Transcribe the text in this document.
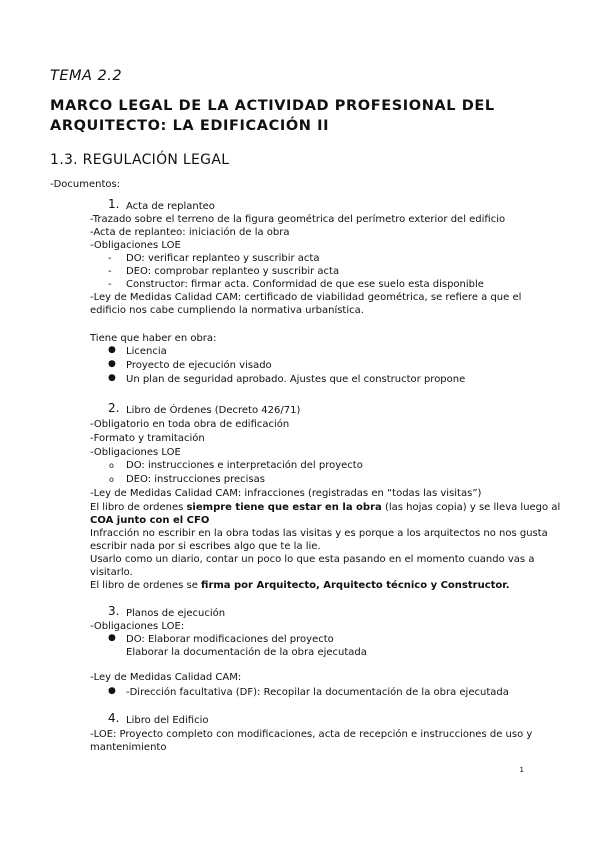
TEMA 2.2
MARCO LEGAL DE LA ACTIVIDAD PROFESIONAL DEL
ARQUITECTO: LA EDIFICACIÓN II
1.3. REGULACIÓN LEGAL
-Documentos:
1. Acta de replanteo
-Trazado sobre el terreno de la figura geométrica del perímetro exterior del edificio
-Acta de replanteo: iniciación de la obra
-Obligaciones LOE
- DO: verificar replanteo y suscribir acta
- DEO: comprobar replanteo y suscribir acta
- Constructor: firmar acta. Conformidad de que ese suelo esta disponible
-Ley de Medidas Calidad CAM: certificado de viabilidad geométrica, se refiere a que el
edificio nos cabe cumpliendo la normativa urbanística.
Tiene que haber en obra:
● Licencia
● Proyecto de ejecución visado
● Un plan de seguridad aprobado. Ajustes que el constructor propone
2. Libro de Órdenes (Decreto 426/71)
-Obligatorio en toda obra de edificación
-Formato y tramitación
-Obligaciones LOE
o DO: instrucciones e interpretación del proyecto
o DEO: instrucciones precisas
-Ley de Medidas Calidad CAM: infracciones (registradas en “todas las visitas”)
El libro de ordenes siempre tiene que estar en la obra (las hojas copia) y se lleva luego al
COA junto con el CFO
Infracción no escribir en la obra todas las visitas y es porque a los arquitectos no nos gusta
escribir nada por si escribes algo que te la lie.
Usarlo como un diario, contar un poco lo que esta pasando en el momento cuando vas a
visitarlo.
El libro de ordenes se firma por Arquitecto, Arquitecto técnico y Constructor.
3. Planos de ejecución
-Obligaciones LOE:
● DO: Elaborar modificaciones del proyecto
Elaborar la documentación de la obra ejecutada
-Ley de Medidas Calidad CAM:
● -Dirección facultativa (DF): Recopilar la documentación de la obra ejecutada
4. Libro del Edificio
-LOE: Proyecto completo con modificaciones, acta de recepción e instrucciones de uso y
mantenimiento
1
